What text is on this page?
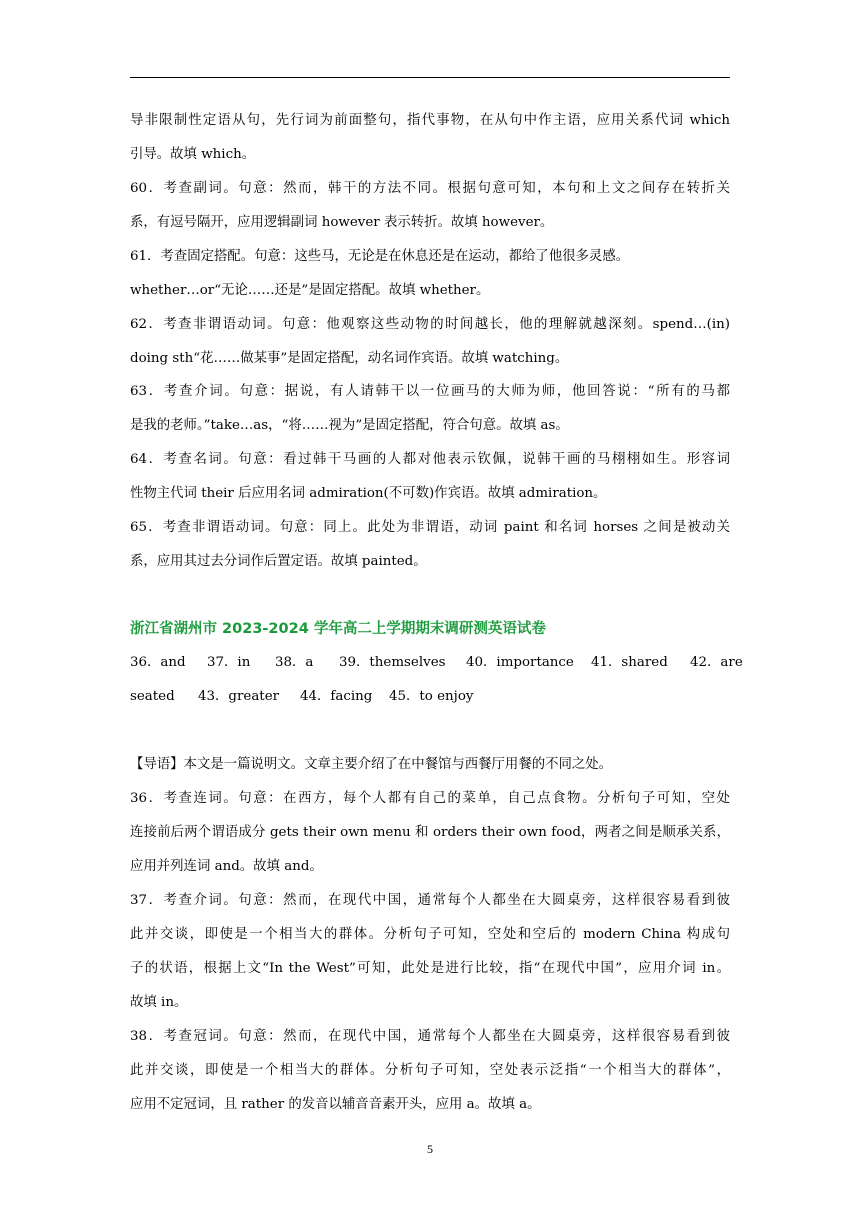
导非限制性定语从句，先行词为前面整句，指代事物，在从句中作主语，应用关系代词 which
引导。故填 which。
60．考查副词。句意：然而，韩干的方法不同。根据句意可知，本句和上文之间存在转折关
系，有逗号隔开，应用逻辑副词 however 表示转折。故填 however。
61．考查固定搭配。句意：这些马，无论是在休息还是在运动，都给了他很多灵感。
whether…or“无论……还是”是固定搭配。故填 whether。
62．考查非谓语动词。句意：他观察这些动物的时间越长，他的理解就越深刻。spend…(in)
doing sth“花……做某事”是固定搭配，动名词作宾语。故填 watching。
63．考查介词。句意：据说，有人请韩干以一位画马的大师为师，他回答说：“所有的马都
是我的老师。”take…as，“将……视为”是固定搭配，符合句意。故填 as。
64．考查名词。句意：看过韩干马画的人都对他表示钦佩，说韩干画的马栩栩如生。形容词
性物主代词 their 后应用名词 admiration(不可数)作宾语。故填 admiration。
65．考查非谓语动词。句意：同上。此处为非谓语，动词 paint 和名词 horses 之间是被动关
系，应用其过去分词作后置定语。故填 painted。
浙江省湖州市 2023-2024 学年高二上学期期末调研测英语试卷
36．and 37．in 38．a 39．themselves 40．importance 41．shared 42．are
seated 43．greater 44．facing 45．to enjoy
【导语】本文是一篇说明文。文章主要介绍了在中餐馆与西餐厅用餐的不同之处。
36．考查连词。句意：在西方，每个人都有自己的菜单，自己点食物。分析句子可知，空处
连接前后两个谓语成分 gets their own menu 和 orders their own food，两者之间是顺承关系，
应用并列连词 and。故填 and。
37．考查介词。句意：然而，在现代中国，通常每个人都坐在大圆桌旁，这样很容易看到彼
此并交谈，即使是一个相当大的群体。分析句子可知，空处和空后的 modern China 构成句
子的状语，根据上文“In the West”可知，此处是进行比较，指“在现代中国”，应用介词 in。
故填 in。
38．考查冠词。句意：然而，在现代中国，通常每个人都坐在大圆桌旁，这样很容易看到彼
此并交谈，即使是一个相当大的群体。分析句子可知，空处表示泛指“一个相当大的群体”，
应用不定冠词，且 rather 的发音以辅音音素开头，应用 a。故填 a。
5
